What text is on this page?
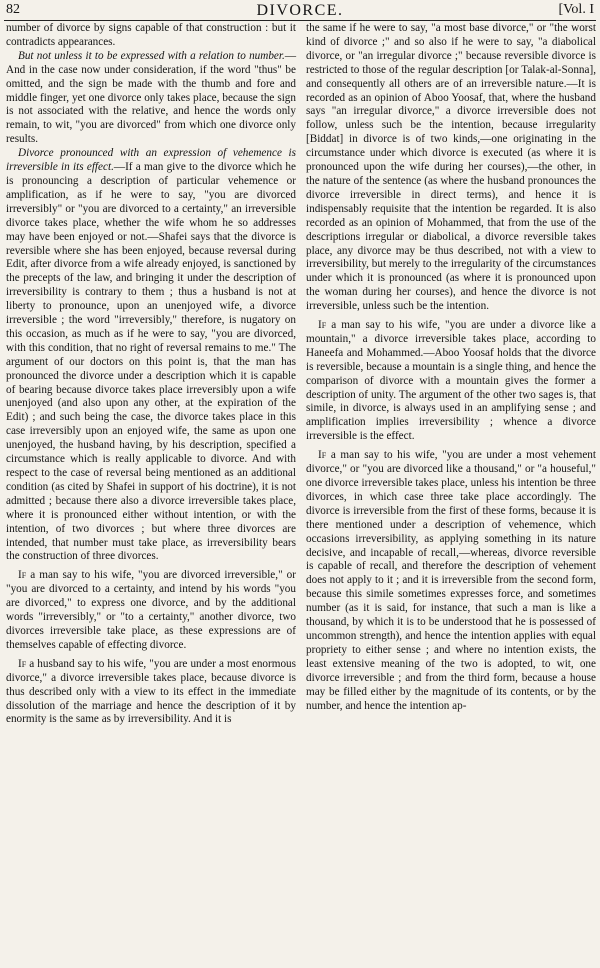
82	DIVORCE.	[Vol. I

number of divorce by signs capable of that construction : but it contradicts appearances.

But not unless it to be expressed with a relation to number.—And in the case now under consideration, if the word "thus" be omitted, and the sign be made with the thumb and fore and middle finger, yet one divorce only takes place, because the sign is not associated with the relative, and hence the words only remain, to wit, "you are divorced" from which one divorce only results.

Divorce pronounced with an expression of vehemence is irreversible in its effect.—If a man give to the divorce which he is pronouncing a description of particular vehemence or amplification, as if he were to say, "you are divorced irreversibly" or "you are divorced to a certainty," an irreversible divorce takes place, whether the wife whom he so addresses may have been enjoyed or not.—Shafei says that the divorce is reversible where she has been enjoyed, because reversal during Edit, after divorce from a wife already enjoyed, is sanctioned by the precepts of the law, and bringing it under the description of irreversibility is contrary to them ; thus a husband is not at liberty to pronounce, upon an unenjoyed wife, a divorce irreversible ; the word "irreversibly," therefore, is nugatory on this occasion, as much as if he were to say, "you are divorced, with this condition, that no right of reversal remains to me." The argument of our doctors on this point is, that the man has pronounced the divorce under a description which it is capable of bearing because divorce takes place irreversibly upon a wife unenjoyed (and also upon any other, at the expiration of the Edit) ; and such being the case, the divorce takes place in this case irreversibly upon an enjoyed wife, the same as upon one unenjoyed, the husband having, by his description, specified a circumstance which is really applicable to divorce. And with respect to the case of reversal being mentioned as an additional condition (as cited by Shafei in support of his doctrine), it is not admitted ; because there also a divorce irreversible takes place, where it is pronounced either without intention, or with the intention, of two divorces ; but where three divorces are intended, that number must take place, as irreversibility bears the construction of three divorces.

If a man say to his wife, "you are divorced irreversible," or "you are divorced to a certainty, and intend by his words "you are divorced," to express one divorce, and by the additional words "irreversibly," or "to a certainty," another divorce, two divorces irreversible take place, as these expressions are of themselves capable of effecting divorce.

If a husband say to his wife, "you are under a most enormous divorce," a divorce irreversible takes place, because divorce is thus described only with a view to its effect in the immediate dissolution of the marriage and hence the description of it by enormity is the same as by irreversibility. And it is

the same if he were to say, "a most base divorce," or "the worst kind of divorce ;" and so also if he were to say, "a diabolical divorce, or "an irregular divorce ;" because reversible divorce is restricted to those of the regular description [or Talak-al-Sonna], and consequently all others are of an irreversible nature.—It is recorded as an opinion of Aboo Yoosaf, that, where the husband says "an irregular divorce," a divorce irreversible does not follow, unless such be the intention, because irregularity [Biddat] in divorce is of two kinds,—one originating in the circumstance under which divorce is executed (as where it is pronounced upon the wife during her courses),—the other, in the nature of the sentence (as where the husband pronounces the divorce irreversible in direct terms), and hence it is indispensably requisite that the intention be regarded. It is also recorded as an opinion of Mohammed, that from the use of the descriptions irregular or diabolical, a divorce reversible takes place, any divorce may be thus described, not with a view to irreversibility, but merely to the irregularity of the circumstances under which it is pronounced (as where it is pronounced upon the woman during her courses), and hence the divorce is not irreversible, unless such be the intention.

If a man say to his wife, "you are under a divorce like a mountain," a divorce irreversible takes place, according to Haneefa and Mohammed.—Aboo Yoosaf holds that the divorce is reversible, because a mountain is a single thing, and hence the comparison of divorce with a mountain gives the former a description of unity. The argument of the other two sages is, that simile, in divorce, is always used in an amplifying sense ; and amplification implies irreversibility ; whence a divorce irreversible is the effect.

If a man say to his wife, "you are under a most vehement divorce," or "you are divorced like a thousand," or "a houseful," one divorce irreversible takes place, unless his intention be three divorces, in which case three take place accordingly. The divorce is irreversible from the first of these forms, because it is there mentioned under a description of vehemence, which occasions irreversibility, as applying something in its nature decisive, and incapable of recall,—whereas, divorce reversible is capable of recall, and therefore the description of vehement does not apply to it ; and it is irreversible from the second form, because this simile sometimes expresses force, and sometimes number (as it is said, for instance, that such a man is like a thousand, by which it is to be understood that he is possessed of uncommon strength), and hence the intention applies with equal propriety to either sense ; and where no intention exists, the least extensive meaning of the two is adopted, to wit, one divorce irreversible ; and from the third form, because a house may be filled either by the magnitude of its contents, or by the number, and hence the intention ap-
